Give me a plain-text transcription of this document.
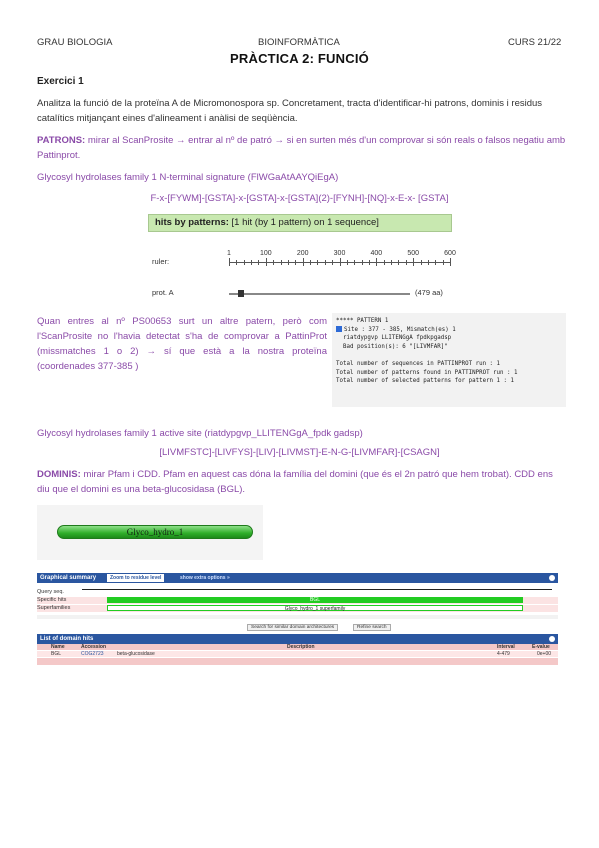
GRAU BIOLOGIA	BIOINFORMÀTICA	CURS 21/22
PRÀCTICA 2: FUNCIÓ
Exercici 1
Analitza la funció de la proteïna A de Micromonospora sp. Concretament, tracta d'identificar-hi patrons, dominis i residus catalítics mitjançant eines d'alineament i anàlisi de seqüència.
PATRONS: mirar al ScanProsite → entrar al nº de patró → si en surten més d'un comprovar si són reals o falsos negatiu amb Pattinprot.
Glycosyl hydrolases family 1 N-terminal signature (FlWGaAtAAYQiEgA)
F-x-[FYWM]-[GSTA]-x-[GSTA]-x-[GSTA](2)-[FYNH]-[NQ]-x-E-x- [GSTA]
hits by patterns: [1 hit (by 1 pattern) on 1 sequence]
ruler:
1	100	200	300	400	500	600
prot. A	(479 aa)
Quan entres al nº PS00653 surt un altre patern, però com l'ScanProsite no l'havia detectat s'ha de comprovar a PattinProt (missmatches 1 o 2) → sí que està a la nostra proteïna (coordenades 377-385 )
***** PATTERN 1
Site : 377 - 385, Mismatch(es) 1
riatdypgvp LLITENGgA fpdkpgadsp
Bad position(s): 6 "[LIVMFAR]"
Total number of sequences in PATTINPROT run : 1
Total number of patterns found in PATTINPROT run : 1
Total number of selected patterns for pattern 1 : 1
Glycosyl hydrolases family 1 active site (riatdypgvp_LLITENGgA_fpdk gadsp)
[LIVMFSTC]-[LIVFYS]-[LIV]-[LIVMST]-E-N-G-[LIVMFAR]-[CSAGN]
DOMINIS: mirar Pfam i CDD. Pfam en aquest cas dóna la família del domini (que és el 2n patró que hem trobat). CDD ens diu que el domini es una beta-glucosidasa (BGL).
Glyco_hydro_1
Graphical summary	Zoom to residue level	show extra options »
Query seq.
Specific hits	BGL
Superfamilies	Glyco_hydro_1 superfamily
Search for similar domain architectures	Refine search
List of domain hits
Name	Accession	Description	Interval	E-value
BGL	COG2723	beta-glucosidase	4-479	0e+00
